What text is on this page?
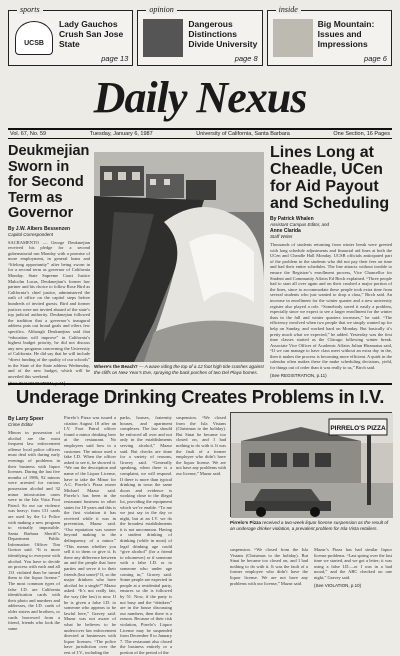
sports
UCSB
Lady Gauchos Crush San Jose State
page 13
opinion
Dangerous Distinctions Divide University
page 8
inside
Big Mountain: Issues and Impressions
page 6
Daily Nexus
Vol. 67, No. 59	Tuesday, January 6, 1987	University of California, Santa Barbara	One Section, 16 Pages
Deukmejian Sworn in for Second Term as Governor
By J.W. Albers Bessenzen
Capitol Correspondent
SACRAMENTO — George Deukmejian received his pledge for a second gubernatorial run Monday with a promise of more employment, in general loans and “lifelong opportunity” after being sworn in for a second term as governor of California Monday. State Supreme Court Justice Malcolm Lucas, Deukmejian’s former law partner and his choice to follow Rose Bird as California’s chief justice, administered the oath of office on the capitol steps before hundreds of invited guests. Bird and former justices were not invited aboard of the state’s top judicial authority. Deukmejian followed the tradition that a governor’s inaugural address puts out broad goals and offers few specifics. Although Deukmejian said that “education will improve” in California’s highest budget priority, he did not discuss any new programs concerning the University of California. He did say that he will include “direct funding of the quality of our schools” in the State of the State address Wednesday, and of the new budget, which will be unveiled this weekend.
Where’s the Beach? — A wave riding the top of a 12 foot high tide crashes against the cliffs on New Year’s Eve, spraying the back porches of two Del Playa homes.
Lines Long at Cheadle, UCen for Aid Payout and Scheduling
By Patrick Whalen
Assistant Campus Editor, and
Anne Clarida
Staff Writer
Thousands of students returning from winter break were greeted with long schedule adjustments and financial aid lines at both the UCen and Cheadle Hall Monday. UCSB officials anticipated part of the problem in the students who did not pay their fees on time and had their entire schedules. The line attracts without trouble to ensure the Registrar’s enrollment process, Vice Chancellor for Student and Community Affairs Ed Birch explained. “Three people had to start all over again and on their crushed a major portion of the lines, since to accommodate these people took extra time from several students who just wanted to drop a class,” Birch said. An increase in enrollment for the winter quarter and a new university register also played a role. “Somebody saved it easily a problem, especially since we expect to see a larger enrollment for the winter than in the fall and winter quarters increases,” he said. “The efficiency involved when two people that we simply wanted up for help on Sunday, and worked hard on Monday. But basically it’s pretty much what we expected,” he added. Yesterday was the first time classes started as the Chicago following winter break. Associate Vice Officer of Academic Affairs Julian Hiramatsu said, “If we can manage to have class meet without an extra day in the, then it makes the process is becoming more efficient. A quirk in the calendar often makes these the make scheduling decisions, yield, for things out of order than it was really to us,” Birch said.
(See REGISTRATION, p.11)
Underage Drinking Creates Problems in I.V.
By Larry Speer
Crime Editor
Minors in possession of alcohol are the most frequent law enforcement offense local police officers must deal with during early evenings of problems in their business with liquor licenses. During the last five months of 1986, 92 minors were arrested for various possession alcohol and 32 minor intoxication cases were in the Isla Vista Foot Patrol. So our car violence was heavy: from 131 cards are used by the Lt Police with making a new program to virtually impossible. Santa Barbara Sheriff’s Department Public Information Officer Tim Gorton said. “It is more identifying to everyone with alcohol. You have to decide on process with each and all 131 violated than be turned them to the liquor license.” The most common types of false I.D. are California identification cards with their photo and numbers and addresses, the I.D. cards of older sisters and brothers, or cards borrowed from a friend, friends who look the same.
Pirrelo’s Pizza was issued a citation August 18 after an I.V. Foot Patrol officer found a minor drinking beer at the restaurant. No employees said how to a customer. The minor used a fake I.D. When the officer asked to see it, he showed it. “We ran the description and name of the Liquor License, have to take the Minor for A.C. Pirrelo’s Pizza owner Michael Mazur said. Pirrelo’s has been in the restaurant business in other states for 18 years and this is the first violation it has received while it was in prevention, Mazur said. “Our reputation was sooner beyond making to the delinquency of a minor.” “This means whether you sell it to them or give it. Is there any difference between an and the people that have parties and serve it to their friends (but some)? If, so the major drinkers who have alcohol for a single?” Mazur asked. “It’s not really fair, the way (the law) is now. If he is given a false I.D. to someone who appears to be lawful here,” Gravey said. Mazur was not aware of what he believes to be undercover law enforcement directed at businesses with liquor licenses. “The police have jurisdiction over the rest of I.V., including the
parks, houses, fraternity houses, and apartment complexes. The law should be enforced all over and not only in the establishments serving alcohol,” Mazur said. But checks are done for a variety of reasons, Gravey said. “Generally speaking, when there is a complaint, we will respond. If there is more than typical drinking in town the same doors and evidence is working close to the illegal lot, providing the equipment which we’re enable. “To me we just say in the day or night, but at an I.V. we do the broadest establishments it is not uncommon. Having a student drinking of drinking (while in most) of legal drinking age could “give alcohol” (for a friend to whomever) or if someone with a false I.D. or to someone who under age coming in,” Gravey said. Some people are expected in people at a residential party, ensures so die is followed by 51. Now, if the party is not busy and the “drinkers” are in the house discussing our numbers, then there is a reason. Because of their risk violation, Pirrelo’s Liquor License may be suspended from December 8 to January 7. The restaurant also closed the business entirely or a portion of the period of the
suspension. “We closed from the Isla Vistans (Christmas to the holiday). But Sinai he became too closed on, and I had nothing to do with it. It was the fault of a former employee who didn’t have the liquor license. We are not have any problems with our license,” Mazur said.
PIRRELO'S PIZZA
Pirrelo’s Pizza received a two-week liquor license suspension as the result of an underage drinker violation, a prevalent problem for Isla Vista retailers.
suspension. “We closed from the Isla Vistans (Christmas to the holiday). But Sinai he became too closed on, and I had nothing to do with it. It was the fault of a former employee who didn’t have the liquor license. We are not have any problems with our license,” Mazur said.
Mazur’s Pizza has had similar liquor license problems. “Last spring over the last time we started, and we got a letter; it was using a false I.D.—or I was in a bad mood,” and the ABC checked on one night,” Gravey said.
(See VIOLATION, p.10)
